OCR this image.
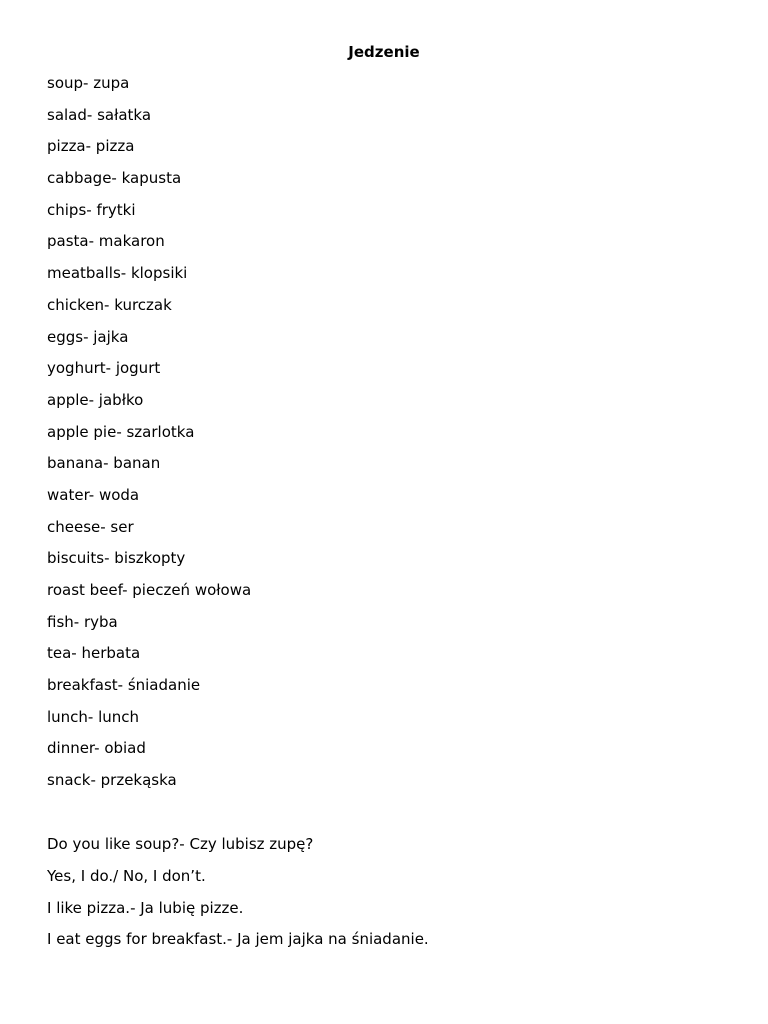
Jedzenie
soup- zupa
salad- sałatka
pizza- pizza
cabbage- kapusta
chips- frytki
pasta- makaron
meatballs- klopsiki
chicken- kurczak
eggs- jajka
yoghurt- jogurt
apple- jabłko
apple pie- szarlotka
banana- banan
water- woda
cheese- ser
biscuits- biszkopty
roast beef- pieczeń wołowa
fish- ryba
tea- herbata
breakfast- śniadanie
lunch- lunch
dinner- obiad
snack- przekąska
Do you like soup?- Czy lubisz zupę?
Yes, I do./ No, I don’t.
I like pizza.- Ja lubię pizze.
I eat eggs for breakfast.- Ja jem jajka na śniadanie.
